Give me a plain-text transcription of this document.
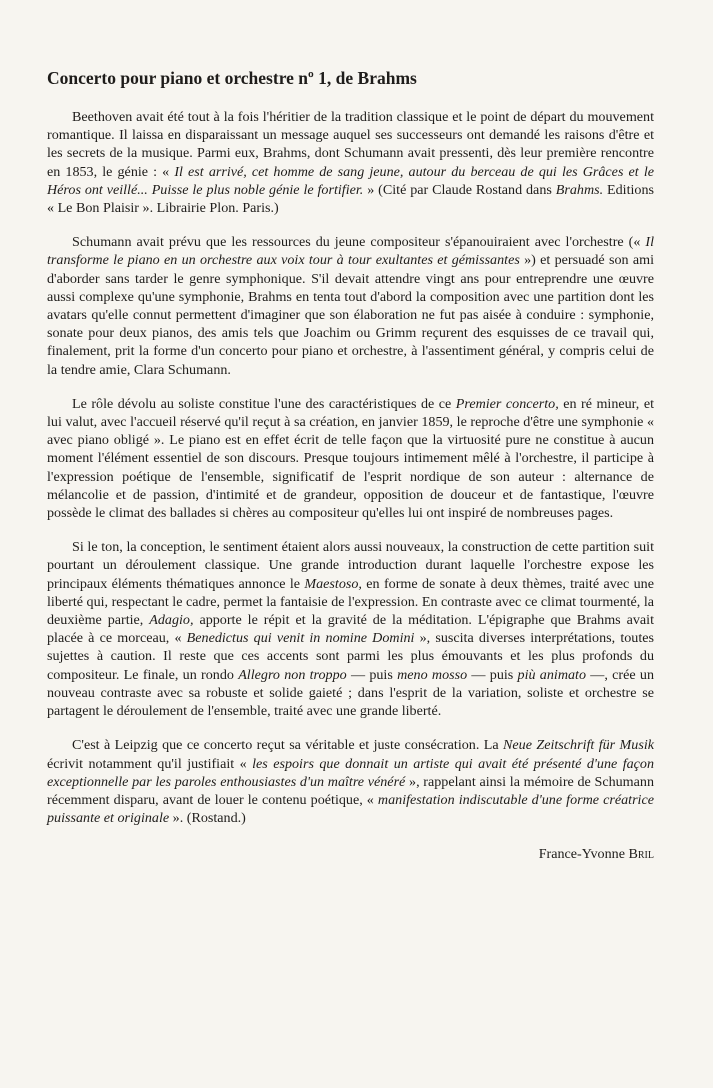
Concerto pour piano et orchestre nº 1, de Brahms

Beethoven avait été tout à la fois l'héritier de la tradition classique et le point de départ du mouvement romantique. Il laissa en disparaissant un message auquel ses successeurs ont demandé les raisons d'être et les secrets de la musique. Parmi eux, Brahms, dont Schumann avait pressenti, dès leur première rencontre en 1853, le génie : « Il est arrivé, cet homme de sang jeune, autour du berceau de qui les Grâces et le Héros ont veillé... Puisse le plus noble génie le fortifier. » (Cité par Claude Rostand dans Brahms. Editions « Le Bon Plaisir ». Librairie Plon. Paris.)

Schumann avait prévu que les ressources du jeune compositeur s'épanouiraient avec l'orchestre (« Il transforme le piano en un orchestre aux voix tour à tour exultantes et gémissantes ») et persuadé son ami d'aborder sans tarder le genre symphonique. S'il devait attendre vingt ans pour entreprendre une œuvre aussi complexe qu'une symphonie, Brahms en tenta tout d'abord la composition avec une partition dont les avatars qu'elle connut permettent d'imaginer que son élaboration ne fut pas aisée à conduire : symphonie, sonate pour deux pianos, des amis tels que Joachim ou Grimm reçurent des esquisses de ce travail qui, finalement, prit la forme d'un concerto pour piano et orchestre, à l'assentiment général, y compris celui de la tendre amie, Clara Schumann.

Le rôle dévolu au soliste constitue l'une des caractéristiques de ce Premier concerto, en ré mineur, et lui valut, avec l'accueil réservé qu'il reçut à sa création, en janvier 1859, le reproche d'être une symphonie « avec piano obligé ». Le piano est en effet écrit de telle façon que la virtuosité pure ne constitue à aucun moment l'élément essentiel de son discours. Presque toujours intimement mêlé à l'orchestre, il participe à l'expression poétique de l'ensemble, significatif de l'esprit nordique de son auteur : alternance de mélancolie et de passion, d'intimité et de grandeur, opposition de douceur et de fantastique, l'œuvre possède le climat des ballades si chères au compositeur qu'elles lui ont inspiré de nombreuses pages.

Si le ton, la conception, le sentiment étaient alors aussi nouveaux, la construction de cette partition suit pourtant un déroulement classique. Une grande introduction durant laquelle l'orchestre expose les principaux éléments thématiques annonce le Maestoso, en forme de sonate à deux thèmes, traité avec une liberté qui, respectant le cadre, permet la fantaisie de l'expression. En contraste avec ce climat tourmenté, la deuxième partie, Adagio, apporte le répit et la gravité de la méditation. L'épigraphe que Brahms avait placée à ce morceau, « Benedictus qui venit in nomine Domini », suscita diverses interprétations, toutes sujettes à caution. Il reste que ces accents sont parmi les plus émouvants et les plus profonds du compositeur. Le finale, un rondo Allegro non troppo — puis meno mosso — puis più animato —, crée un nouveau contraste avec sa robuste et solide gaieté ; dans l'esprit de la variation, soliste et orchestre se partagent le déroulement de l'ensemble, traité avec une grande liberté.

C'est à Leipzig que ce concerto reçut sa véritable et juste consécration. La Neue Zeitschrift für Musik écrivit notamment qu'il justifiait « les espoirs que donnait un artiste qui avait été présenté d'une façon exceptionnelle par les paroles enthousiastes d'un maître vénéré », rappelant ainsi la mémoire de Schumann récemment disparu, avant de louer le contenu poétique, « manifestation indiscutable d'une forme créatrice puissante et originale ». (Rostand.)

France-Yvonne Bril
